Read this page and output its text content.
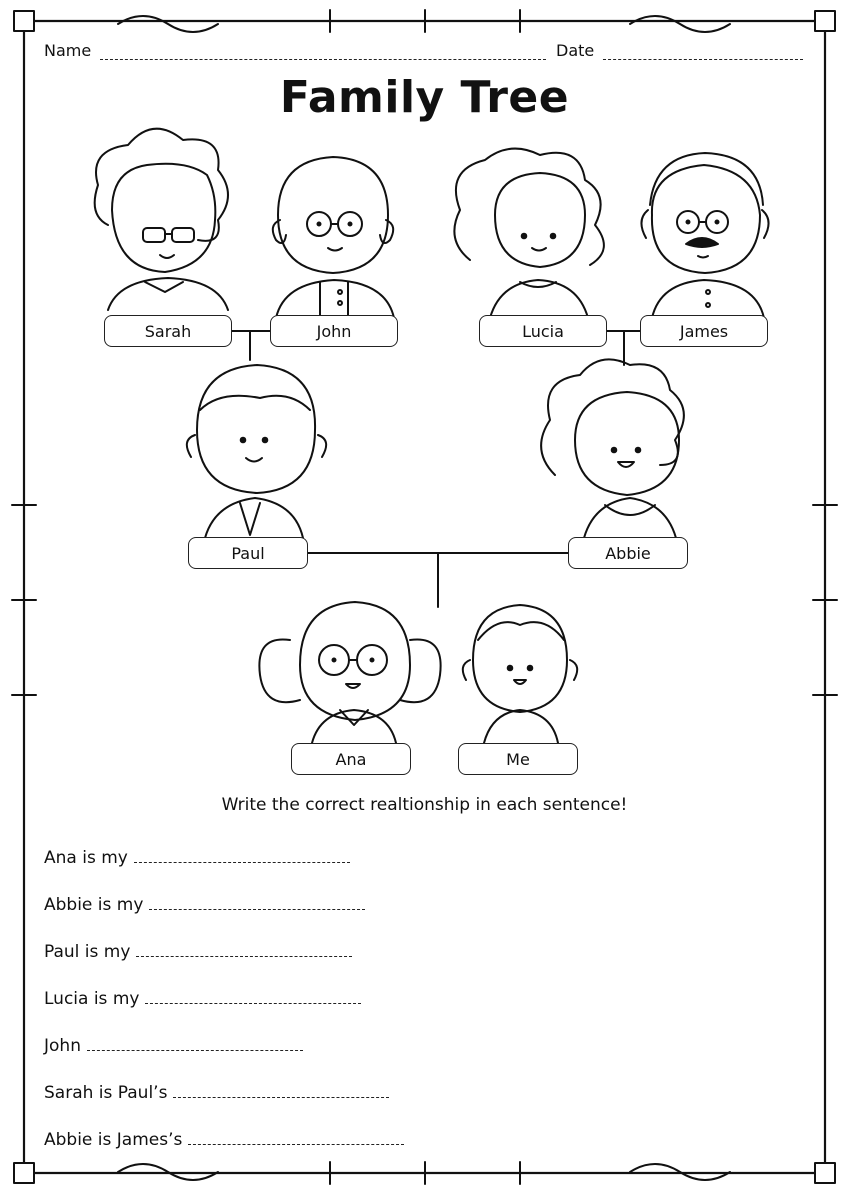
Name	Date
Family Tree
Sarah	John	Lucia	James
Paul	Abbie
Ana	Me
Write the correct realtionship in each sentence!
Ana is my
Abbie is my
Paul is my
Lucia is my
John
Sarah is Paul’s
Abbie is James’s
